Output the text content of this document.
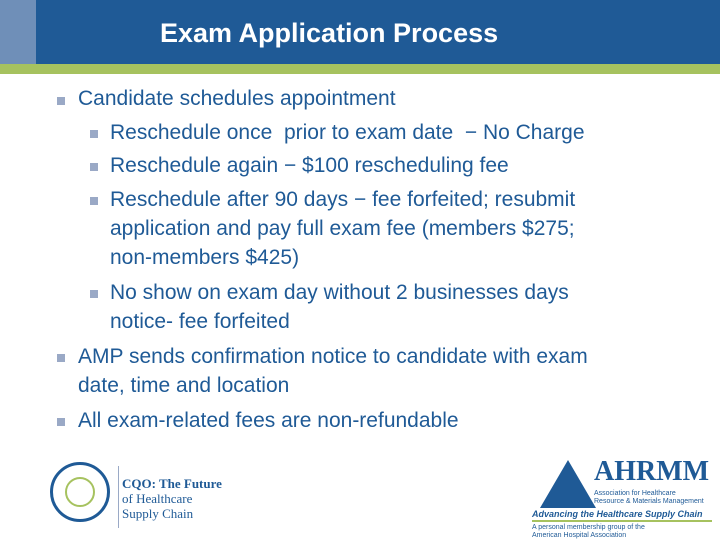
Exam Application Process
Candidate schedules appointment
Reschedule once  prior to exam date  − No Charge
Reschedule again − $100 rescheduling fee
Reschedule after 90 days − fee forfeited; resubmit
application and pay full exam fee (members $275;
non-members $425)
No show on exam day without 2 businesses days
notice- fee forfeited
AMP sends confirmation notice to candidate with exam
date, time and location
All exam-related fees are non-refundable
CQO: The Future
of Healthcare
Supply Chain
AHRMM
Association for Healthcare
Resource & Materials Management
Advancing the Healthcare Supply Chain
A personal membership group of the
American Hospital Association
